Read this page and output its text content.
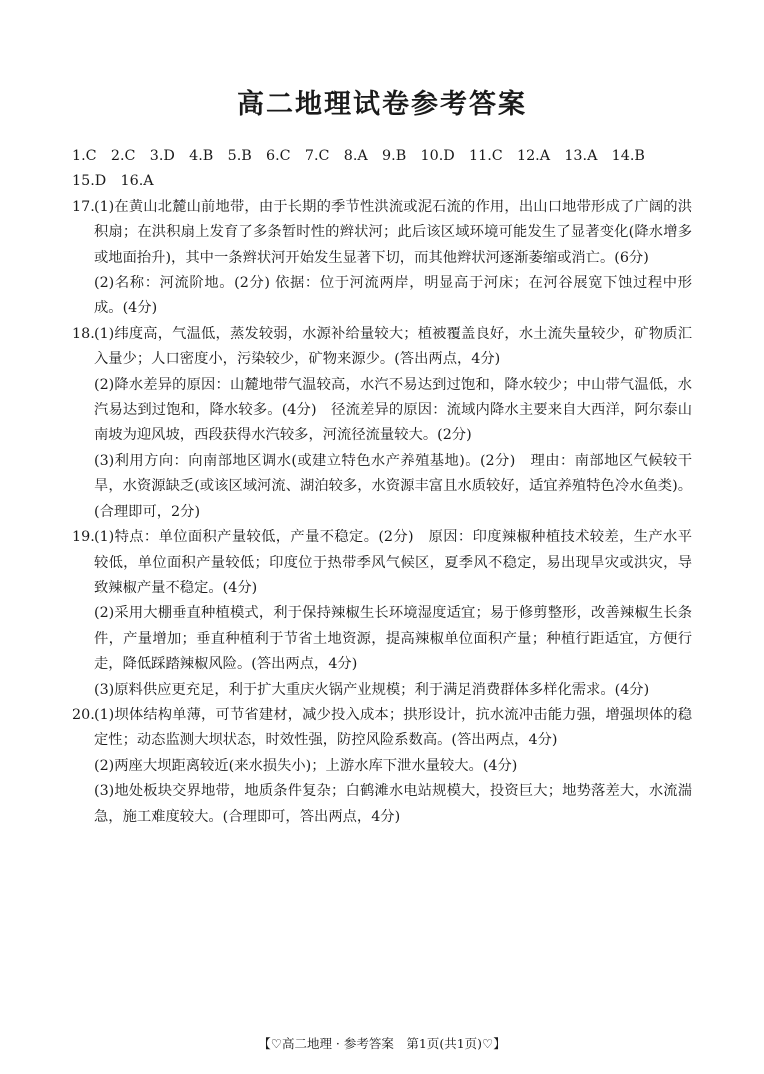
高二地理试卷参考答案
1.C　2.C　3.D　4.B　5.B　6.C　7.C　8.A　9.B　10.D　11.C　12.A　13.A　14.B
15.D　16.A
17. (1)在黄山北麓山前地带，由于长期的季节性洪流或泥石流的作用，出山口地带形成了广阔的洪积扇；在洪积扇上发育了多条暂时性的辫状河；此后该区域环境可能发生了显著变化(降水增多或地面抬升)，其中一条辫状河开始发生显著下切，而其他辫状河逐渐萎缩或消亡。(6分)
(2)名称：河流阶地。(2分) 依据：位于河流两岸，明显高于河床；在河谷展宽下蚀过程中形成。(4分)
18. (1)纬度高，气温低，蒸发较弱，水源补给量较大；植被覆盖良好，水土流失量较少，矿物质汇入量少；人口密度小，污染较少，矿物来源少。(答出两点，4分)
(2)降水差异的原因：山麓地带气温较高，水汽不易达到过饱和，降水较少；中山带气温低，水汽易达到过饱和，降水较多。(4分)　径流差异的原因：流域内降水主要来自大西洋，阿尔泰山南坡为迎风坡，西段获得水汽较多，河流径流量较大。(2分)
(3)利用方向：向南部地区调水(或建立特色水产养殖基地)。(2分)　理由：南部地区气候较干旱，水资源缺乏(或该区域河流、湖泊较多，水资源丰富且水质较好，适宜养殖特色冷水鱼类)。(合理即可，2分)
19. (1)特点：单位面积产量较低，产量不稳定。(2分)　原因：印度辣椒种植技术较差，生产水平较低，单位面积产量较低；印度位于热带季风气候区，夏季风不稳定，易出现旱灾或洪灾，导致辣椒产量不稳定。(4分)
(2)采用大棚垂直种植模式，利于保持辣椒生长环境湿度适宜；易于修剪整形，改善辣椒生长条件，产量增加；垂直种植利于节省土地资源，提高辣椒单位面积产量；种植行距适宜，方便行走，降低踩踏辣椒风险。(答出两点，4分)
(3)原料供应更充足，利于扩大重庆火锅产业规模；利于满足消费群体多样化需求。(4分)
20. (1)坝体结构单薄，可节省建材，减少投入成本；拱形设计，抗水流冲击能力强，增强坝体的稳定性；动态监测大坝状态，时效性强，防控风险系数高。(答出两点，4分)
(2)两座大坝距离较近(来水损失小)；上游水库下泄水量较大。(4分)
(3)地处板块交界地带，地质条件复杂；白鹤滩水电站规模大，投资巨大；地势落差大，水流湍急，施工难度较大。(合理即可，答出两点，4分)
【♡高二地理 · 参考答案　第1页(共1页)♡】
